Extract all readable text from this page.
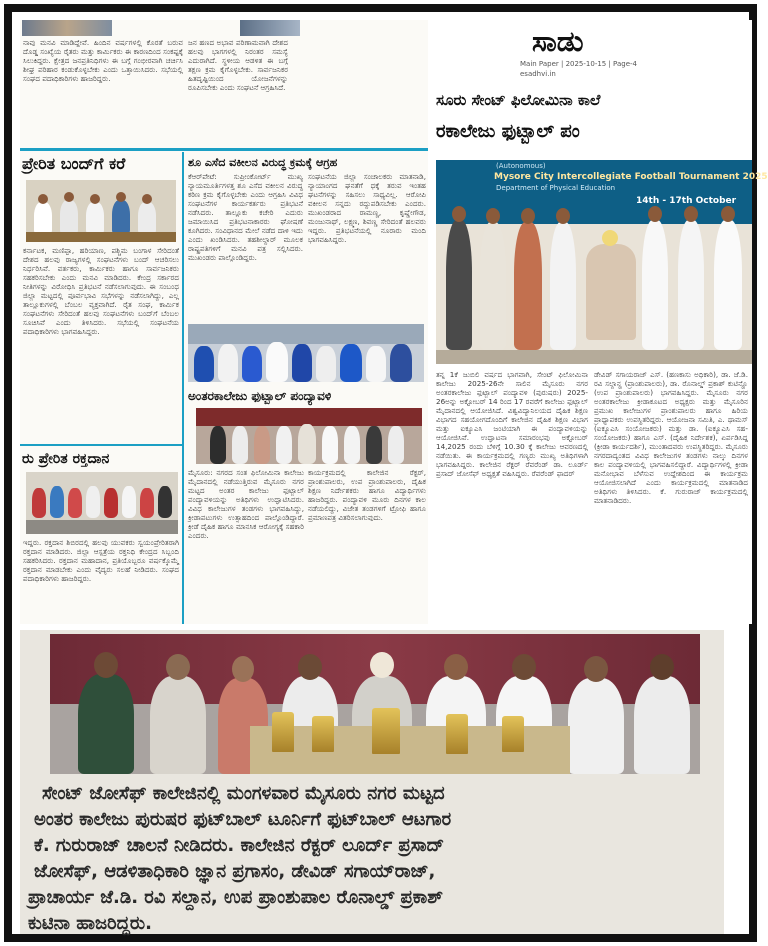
ನಾವು ಮನವಿ ಮಾಡಿದ್ದೇವೆ. ಹಿಂದಿನ ವರ್ಷಗಳಲ್ಲಿ ಕೊರತೆ ಬರುವ ದೊಡ್ಡ ಸಂಖ್ಯೆಯ ರೈತರು ಮತ್ತು ಕಾರ್ಮಿಕರು ಈ ಕಾರಣದಿಂದ ಸಂಕಷ್ಟಕ್ಕೆ ಸಿಲುಕಿದ್ದರು. ಕ್ಷೇತ್ರದ ಜನಪ್ರತಿನಿಧಿಗಳು ಈ ಬಗ್ಗೆ ಗಂಭೀರವಾಗಿ ಚರ್ಚಿಸಿ ಶೀಘ್ರ ಪರಿಹಾರ ಕಂಡುಕೊಳ್ಳಬೇಕು ಎಂದು ಒತ್ತಾಯಿಸಿದರು. ಸಭೆಯಲ್ಲಿ ಸಂಘದ ಪದಾಧಿಕಾರಿಗಳು ಹಾಜರಿದ್ದರು.
ಜನ ಹಣದ ಅಭಾವ ಪರಿಣಾಮವಾಗಿ ದೇಶದ ಹಲವು ಭಾಗಗಳಲ್ಲಿ ನಿರಂತರ ಸಮಸ್ಯೆ ಎದುರಾಗಿದೆ. ಸ್ಥಳೀಯ ಆಡಳಿತ ಈ ಬಗ್ಗೆ ತಕ್ಷಣ ಕ್ರಮ ಕೈಗೊಳ್ಳಬೇಕು. ಸಾರ್ವಜನಿಕರ ಹಿತದೃಷ್ಟಿಯಿಂದ ಯೋಜನೆಗಳನ್ನು ರೂಪಿಸಬೇಕು ಎಂದು ಸಂಘಟನೆ ಆಗ್ರಹಿಸಿದೆ.
ಪ್ರೇರಿತ ಬಂದ್‌ಗೆ ಕರೆ
ಕರ್ನಾಟಕ, ಮಣಿಪ್ಪಾ, ಹರಿಯಾಣ, ಪಶ್ಚಿಮ ಬಂಗಾಳ ಸೇರಿದಂತೆ ದೇಶದ ಹಲವು ರಾಜ್ಯಗಳಲ್ಲಿ ಸಂಘಟನೆಗಳು ಬಂದ್ ಆಚರಿಸಲು ನಿರ್ಧರಿಸಿವೆ. ವರ್ತಕರು, ಕಾರ್ಮಿಕರು ಹಾಗೂ ಸಾರ್ವಜನಿಕರು ಸಹಕರಿಸಬೇಕು ಎಂದು ಮನವಿ ಮಾಡಿದರು. ಕೇಂದ್ರ ಸರ್ಕಾರದ ನೀತಿಗಳನ್ನು ವಿರೋಧಿಸಿ ಪ್ರತಿಭಟನೆ ನಡೆಸಲಾಗುವುದು. ಈ ಸಂಬಂಧ ಜಿಲ್ಲಾ ಮಟ್ಟದಲ್ಲಿ ಪೂರ್ವಭಾವಿ ಸಭೆಗಳನ್ನು ನಡೆಸಲಾಗಿದ್ದು, ಎಲ್ಲ ತಾಲ್ಲೂಕುಗಳಲ್ಲಿ ಬೆಂಬಲ ವ್ಯಕ್ತವಾಗಿದೆ. ರೈತ ಸಂಘ, ಕಾರ್ಮಿಕ ಸಂಘಟನೆಗಳು ಸೇರಿದಂತೆ ಹಲವು ಸಂಘಟನೆಗಳು ಬಂದ್‌ಗೆ ಬೆಂಬಲ ಸೂಚಿಸಿವೆ ಎಂದು ತಿಳಿಸಿದರು. ಸಭೆಯಲ್ಲಿ ಸಂಘಟನೆಯ ಪದಾಧಿಕಾರಿಗಳು ಭಾಗವಹಿಸಿದ್ದರು.
ಶೂ ಎಸೆದ ವಕೀಲನ ವಿರುದ್ಧ ಕ್ರಮಕ್ಕೆ ಆಗ್ರಹ
ಕೆಆರ್‌ಪೇಟೆ: ಸುಪ್ರೀಂಕೋರ್ಟ್ ಮುಖ್ಯ ನ್ಯಾಯಮೂರ್ತಿಗಳತ್ತ ಶೂ ಎಸೆದ ವಕೀಲನ ವಿರುದ್ಧ ಕಠಿಣ ಕ್ರಮ ಕೈಗೊಳ್ಳಬೇಕು ಎಂದು ಆಗ್ರಹಿಸಿ ವಿವಿಧ ಸಂಘಟನೆಗಳ ಕಾರ್ಯಕರ್ತರು ಪ್ರತಿಭಟನೆ ನಡೆಸಿದರು. ತಾಲ್ಲೂಕು ಕಚೇರಿ ಎದುರು ಜಮಾಯಿಸಿದ ಪ್ರತಿಭಟನಾಕಾರರು ಘೋಷಣೆ ಕೂಗಿದರು. ಸಂವಿಧಾನದ ಮೇಲೆ ನಡೆದ ದಾಳಿ ಇದು ಎಂದು ಖಂಡಿಸಿದರು. ತಹಶೀಲ್ದಾರ್ ಮೂಲಕ ರಾಷ್ಟ್ರಪತಿಗಳಿಗೆ ಮನವಿ ಪತ್ರ ಸಲ್ಲಿಸಿದರು. ಮುಖಂಡರು ಪಾಲ್ಗೊಂಡಿದ್ದರು.
ಸಂಘಟನೆಯ ಜಿಲ್ಲಾ ಸಂಚಾಲಕರು ಮಾತನಾಡಿ, ನ್ಯಾಯಾಂಗದ ಘನತೆಗೆ ಧಕ್ಕೆ ತರುವ ಇಂತಹ ಘಟನೆಗಳನ್ನು ಸಹಿಸಲು ಸಾಧ್ಯವಿಲ್ಲ. ಆರೋಪಿ ವಕೀಲನ ಸನ್ನದು ರದ್ದುಪಡಿಸಬೇಕು ಎಂದರು. ಮುಖಂಡರಾದ ರಾಮಣ್ಣ, ಕೃಷ್ಣೇಗೌಡ, ಮಂಜುನಾಥ್, ಲಕ್ಷ್ಮಣ, ಶಿವಣ್ಣ ಸೇರಿದಂತೆ ಹಲವರು ಇದ್ದರು. ಪ್ರತಿಭಟನೆಯಲ್ಲಿ ನೂರಾರು ಮಂದಿ ಭಾಗವಹಿಸಿದ್ದರು.
ಅಂತರಕಾಲೇಜು ಫುಟ್ಬಾಲ್ ಪಂದ್ಯಾವಳಿ
ಮೈಸೂರು: ನಗರದ ಸಂತ ಫಿಲೋಮಿನಾ ಕಾಲೇಜು ಮೈದಾನದಲ್ಲಿ ನಡೆಯುತ್ತಿರುವ ಮೈಸೂರು ನಗರ ಮಟ್ಟದ ಅಂತರ ಕಾಲೇಜು ಫುಟ್ಬಾಲ್ ಪಂದ್ಯಾವಳಿಯನ್ನು ಅತಿಥಿಗಳು ಉದ್ಘಾಟಿಸಿದರು. ವಿವಿಧ ಕಾಲೇಜುಗಳ ತಂಡಗಳು ಭಾಗವಹಿಸಿದ್ದು, ಕ್ರೀಡಾಪಟುಗಳು ಉತ್ಸಾಹದಿಂದ ಪಾಲ್ಗೊಂಡಿದ್ದಾರೆ. ಕ್ರೀಡೆ ದೈಹಿಕ ಹಾಗೂ ಮಾನಸಿಕ ಆರೋಗ್ಯಕ್ಕೆ ಸಹಕಾರಿ ಎಂದರು.
ಕಾರ್ಯಕ್ರಮದಲ್ಲಿ ಕಾಲೇಜಿನ ರೆಕ್ಟರ್, ಪ್ರಾಂಶುಪಾಲರು, ಉಪ ಪ್ರಾಂಶುಪಾಲರು, ದೈಹಿಕ ಶಿಕ್ಷಣ ನಿರ್ದೇಶಕರು ಹಾಗೂ ವಿದ್ಯಾರ್ಥಿಗಳು ಹಾಜರಿದ್ದರು. ಪಂದ್ಯಾವಳಿ ಮೂರು ದಿನಗಳ ಕಾಲ ನಡೆಯಲಿದ್ದು, ವಿಜೇತ ತಂಡಗಳಿಗೆ ಟ್ರೋಫಿ ಹಾಗೂ ಪ್ರಮಾಣಪತ್ರ ವಿತರಿಸಲಾಗುವುದು.
ರು ಪ್ರೇರಿತ ರಕ್ತದಾನ
ಇದ್ದರು. ರಕ್ತದಾನ ಶಿಬಿರದಲ್ಲಿ ಹಲವು ಯುವಕರು ಸ್ವಯಂಪ್ರೇರಿತರಾಗಿ ರಕ್ತದಾನ ಮಾಡಿದರು. ಜಿಲ್ಲಾ ಆಸ್ಪತ್ರೆಯ ರಕ್ತನಿಧಿ ಕೇಂದ್ರದ ಸಿಬ್ಬಂದಿ ಸಹಕರಿಸಿದರು. ರಕ್ತದಾನ ಮಹಾದಾನ, ಪ್ರತಿಯೊಬ್ಬರೂ ವರ್ಷಕ್ಕೊಮ್ಮೆ ರಕ್ತದಾನ ಮಾಡಬೇಕು ಎಂದು ವೈದ್ಯರು ಸಲಹೆ ನೀಡಿದರು. ಸಂಘದ ಪದಾಧಿಕಾರಿಗಳು ಹಾಜರಿದ್ದರು.
ಸಾಡು
Main Paper | 2025-10-15 | Page-4
esadhvi.in
ಸೂರು ಸೇಂಟ್ ಫಿಲೋಮಿನಾ ಕಾಲೆ
ರಕಾಲೇಜು ಫುಟ್ಬಾಲ್ ಪಂ
(Autonomous)
Mysore City Intercollegiate Football Tournament 2025
Department of Physical Education
14th - 17th October
ತನ್ನ 1ಕೆ ಜುಬಿಲಿ ವರ್ಷದ ಭಾಗವಾಗಿ, ಸೇಂಟ್ ಫಿಲೋಮಿನಾ ಕಾಲೇಜು 2025-26ನೇ ಸಾಲಿನ ಮೈಸೂರು ನಗರ ಅಂತರಕಾಲೇಜು ಫುಟ್ಬಾಲ್ ಪಂದ್ಯಾವಳಿ (ಪುರುಷರು) 2025-26ಅನ್ನು ಅಕ್ಟೋಬರ್ 14 ರಿಂದ 17 ರವರೆಗೆ ಕಾಲೇಜು ಫುಟ್ಬಾಲ್ ಮೈದಾನದಲ್ಲಿ ಆಯೋಜಿಸಿದೆ. ವಿಶ್ವವಿದ್ಯಾನಿಲಯದ ದೈಹಿಕ ಶಿಕ್ಷಣ ವಿಭಾಗದ ಸಹಯೋಗದೊಂದಿಗೆ ಕಾಲೇಜಿನ ದೈಹಿಕ ಶಿಕ್ಷಣ ವಿಭಾಗ ಮತ್ತು ಐಕ್ಯೂಎಸಿ ಜಂಟಿಯಾಗಿ ಈ ಪಂದ್ಯಾವಳಿಯನ್ನು ಆಯೋಜಿಸಿವೆ. ಉದ್ಘಾಟನಾ ಸಮಾರಂಭವು ಅಕ್ಟೋಬರ್ 14,2025 ರಂದು ಬೆಳಿಗ್ಗೆ 10.30 ಕ್ಕೆ ಕಾಲೇಜು ಆವರಣದಲ್ಲಿ ನಡೆಯಿತು. ಈ ಕಾರ್ಯಕ್ರಮದಲ್ಲಿ ಗಣ್ಯರು ಮುಖ್ಯ ಅತಿಥಿಗಳಾಗಿ ಭಾಗವಹಿಸಿದ್ದರು. ಕಾಲೇಜಿನ ರೆಕ್ಟರ್ ರೆವರೆಂಡ್ ಡಾ. ಲೂರ್ಡ್ ಪ್ರಸಾದ್ ಜೋಸೆಫ್ ಅಧ್ಯಕ್ಷತೆ ವಹಿಸಿದ್ದರು. ರೆವರೆಂಡ್ ಫಾದರ್
ಡೇವಿಡ್ ಸಗಾಯರಾಜ್ ಎಸ್. (ಹಣಕಾಸು ಅಧಿಕಾರಿ), ಡಾ. ಜೆ.ಡಿ. ರವಿ ಸಲ್ದಾನ್ಹ (ಪ್ರಾಂಶುಪಾಲರು), ಡಾ. ರೊನಾಲ್ಡ್ ಪ್ರಕಾಶ್ ಕುಟಿನ್ಹೊ (ಉಪ ಪ್ರಾಂಶುಪಾಲರು) ಭಾಗವಹಿಸಿದ್ದರು. ಮೈಸೂರು ನಗರ ಅಂತರಕಾಲೇಜು ಕ್ರೀಡಾಕೂಟದ ಅಧ್ಯಕ್ಷರು ಮತ್ತು ಮೈಸೂರಿನ ಪ್ರಮುಖ ಕಾಲೇಜುಗಳ ಪ್ರಾಂಶುಪಾಲರು ಹಾಗೂ ಹಿರಿಯ ಪ್ರಾಧ್ಯಾಪಕರು ಉಪಸ್ಥಿತರಿದ್ದರು. ಆಯೋಜನಾ ಸಮಿತಿ, ಎ. ಥಾಮಸ್ (ಐಕ್ಯೂಎಸಿ ಸಂಯೋಜಕರು) ಮತ್ತು ಡಾ. (ಐಕ್ಯೂಎಸಿ ಸಹ-ಸಂಯೋಜಕರು) ಹಾಗೂ ಎಸ್. (ದೈಹಿಕ ನಿರ್ದೇಶಕ), ಏರ್ಪಡಿಸಿದ್ದ (ಕ್ರೀಡಾ ಕಾರ್ಯದರ್ಶಿ), ಮುಂತಾದವರು ಉಪಸ್ಥಿತರಿದ್ದರು. ಮೈಸೂರು ನಗರದಾದ್ಯಂತದ ವಿವಿಧ ಕಾಲೇಜುಗಳ ತಂಡಗಳು ನಾಲ್ಕು ದಿನಗಳ ಕಾಲ ಪಂದ್ಯಾವಳಿಯಲ್ಲಿ ಭಾಗವಹಿಸಲಿದ್ದಾರೆ. ವಿದ್ಯಾರ್ಥಿಗಳಲ್ಲಿ ಕ್ರೀಡಾ ಮನೋಭಾವ ಬೆಳೆಸುವ ಉದ್ದೇಶದಿಂದ ಈ ಕಾರ್ಯಕ್ರಮ ಆಯೋಜಿಸಲಾಗಿದೆ ಎಂದು ಕಾರ್ಯಕ್ರಮದಲ್ಲಿ ಮಾತನಾಡಿದ ಅತಿಥಿಗಳು ತಿಳಿಸಿದರು. ಕೆ. ಗುರುರಾಜ್ ಕಾರ್ಯಕ್ರಮದಲ್ಲಿ ಮಾತನಾಡಿದರು.
ಸೇಂಟ್ ಜೋಸೆಫ್ ಕಾಲೇಜಿನಲ್ಲಿ ಮಂಗಳವಾರ ಮೈಸೂರು ನಗರ ಮಟ್ಟದ
ಅಂತರ ಕಾಲೇಜು ಪುರುಷರ ಫುಟ್‌ಬಾಲ್ ಟೂರ್ನಿಗೆ ಫುಟ್‌ಬಾಲ್ ಆಟಗಾರ
ಕೆ. ಗುರುರಾಜ್ ಚಾಲನೆ ನೀಡಿದರು. ಕಾಲೇಜಿನ ರೆಕ್ಟರ್ ಲೂರ್ದ್ ಪ್ರಸಾದ್
ಜೋಸೆಫ್, ಆಡಳಿತಾಧಿಕಾರಿ ಜ್ಞಾನ ಪ್ರಗಾಸಂ, ಡೇವಿಡ್ ಸಗಾಯ್‌ರಾಜ್,
ಪ್ರಾಚಾರ್ಯ ಜೆ.ಡಿ. ರವಿ ಸಲ್ದಾನ, ಉಪ ಪ್ರಾಂಶುಪಾಲ ರೊನಾಲ್ಡ್ ಪ್ರಕಾಶ್
ಕುಟಿನಾ ಹಾಜರಿದ್ದರು.
